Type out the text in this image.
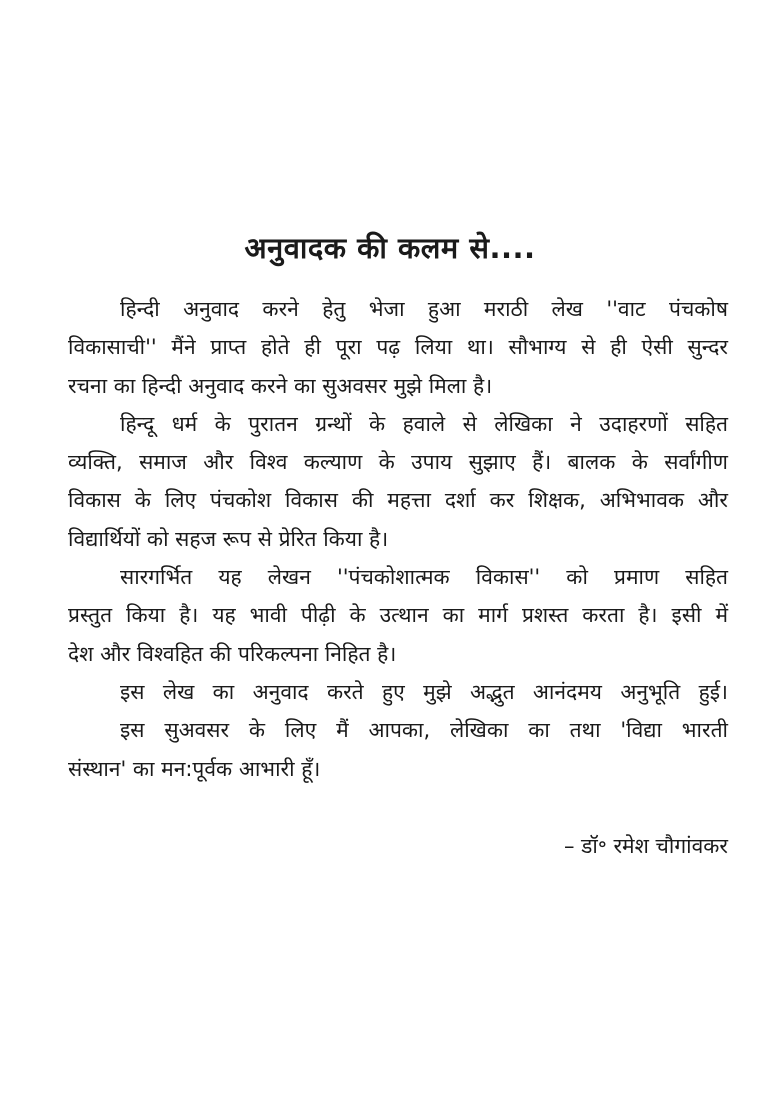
अनुवादक की कलम से....
हिन्दी अनुवाद करने हेतु भेजा हुआ मराठी लेख ''वाट पंचकोष
विकासाची'' मैंने प्राप्त होते ही पूरा पढ़ लिया था। सौभाग्य से ही ऐसी सुन्दर
रचना का हिन्दी अनुवाद करने का सुअवसर मुझे मिला है।
हिन्दू धर्म के पुरातन ग्रन्थों के हवाले से लेखिका ने उदाहरणों सहित
व्यक्ति, समाज और विश्व कल्याण के उपाय सुझाए हैं। बालक के सर्वांगीण
विकास के लिए पंचकोश विकास की महत्ता दर्शा कर शिक्षक, अभिभावक और
विद्यार्थियों को सहज रूप से प्रेरित किया है।
सारगर्भित यह लेखन ''पंचकोशात्मक विकास'' को प्रमाण सहित
प्रस्तुत किया है। यह भावी पीढ़ी के उत्थान का मार्ग प्रशस्त करता है। इसी में
देश और विश्वहित की परिकल्पना निहित है।
इस लेख का अनुवाद करते हुए मुझे अद्भुत आनंदमय अनुभूति हुई।
इस सुअवसर के लिए मैं आपका, लेखिका का तथा 'विद्या भारती
संस्थान' का मन:पूर्वक आभारी हूँ।
– डॉ॰ रमेश चौगांवकर
